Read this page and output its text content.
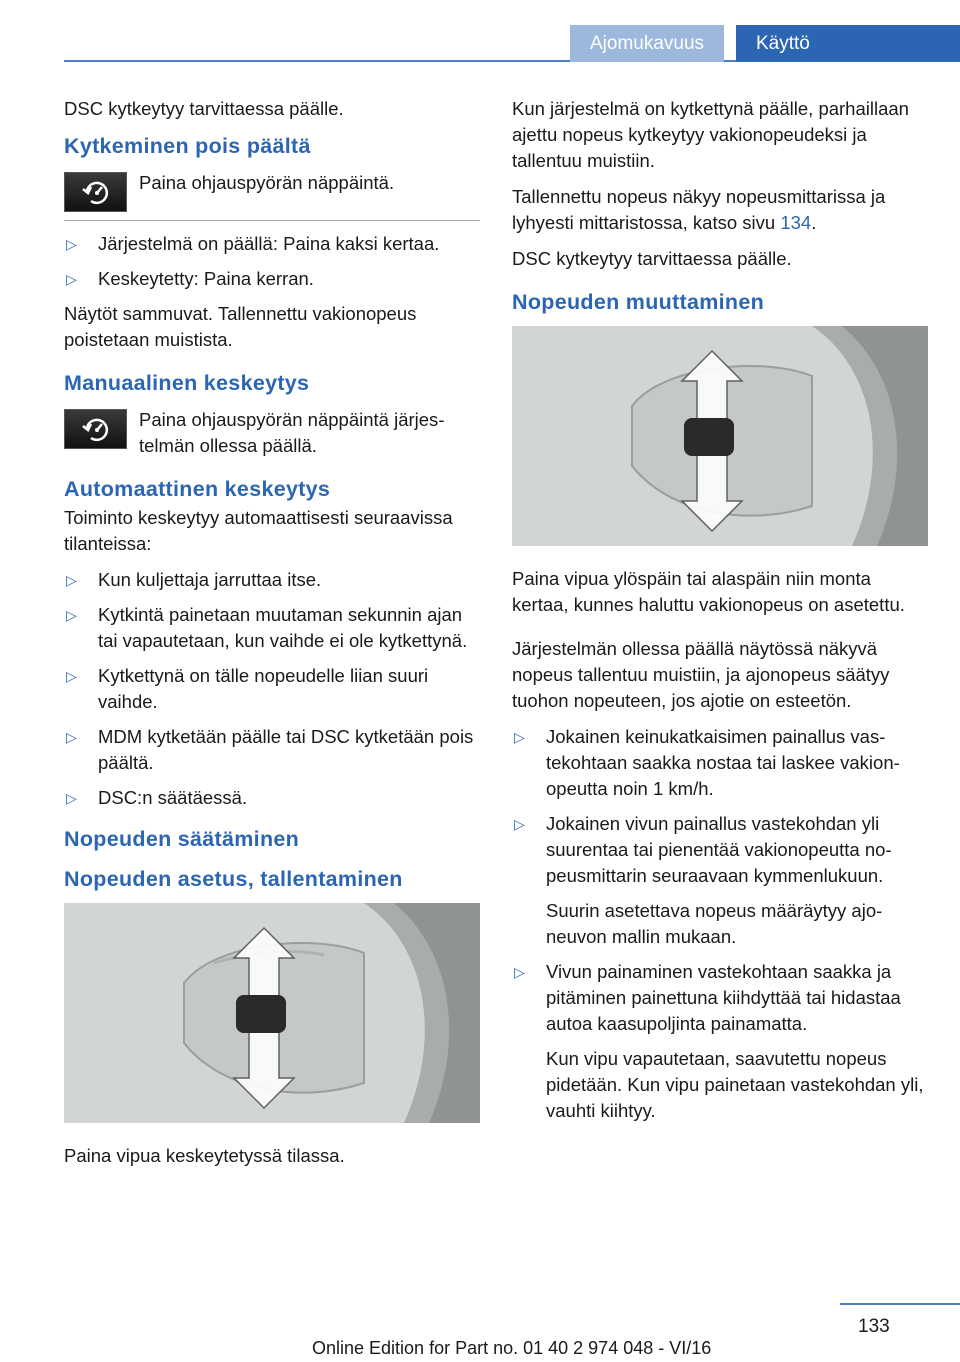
Ajomukavuus	Käyttö

DSC kytkeytyy tarvittaessa päälle.

Kytkeminen pois päältä
Paina ohjauspyörän näppäintä.
▷ Järjestelmä on päällä: Paina kaksi kertaa.
▷ Keskeytetty: Paina kerran.

Näytöt sammuvat. Tallennettu vakionopeus poistetaan muistista.

Manuaalinen keskeytys
Paina ohjauspyörän näppäintä järjestelmän ollessa päällä.
Automaattinen keskeytys

Toiminto keskeytyy automaattisesti seuraavissa tilanteissa:

▷ Kun kuljettaja jarruttaa itse.
▷ Kytkintä painetaan muutaman sekunnin ajan tai vapautetaan, kun vaihde ei ole kytkettynä.
▷ Kytkettynä on tälle nopeudelle liian suuri vaihde.
▷ MDM kytketään päälle tai DSC kytketään pois päältä.
▷ DSC:n säätäessä.
Nopeuden säätäminen
Nopeuden asetus, tallentaminen

Paina vipua keskeytetyssä tilassa.

Kun järjestelmä on kytkettynä päälle, parhaillaan ajettu nopeus kytkeytyy vakionopeudeksi ja tallentuu muistiin.

Tallennettu nopeus näkyy nopeusmittarissa ja lyhyesti mittaristossa, katso sivu 134.

DSC kytkeytyy tarvittaessa päälle.

Nopeuden muuttaminen

Paina vipua ylöspäin tai alaspäin niin monta kertaa, kunnes haluttu vakionopeus on asetettu.

Järjestelmän ollessa päällä näytössä näkyvä nopeus tallentuu muistiin, ja ajonopeus säätyy tuohon nopeuteen, jos ajotie on esteetön.

▷ Jokainen keinukatkaisimen painallus vastekohtaan saakka nostaa tai laskee vakionopeutta noin 1 km/h.
▷ Jokainen vivun painallus vastekohdan yli suurentaa tai pienentää vakionopeutta nopeusmittarin seuraavaan kymmenlukuun.
Suurin asetettava nopeus määräytyy ajoneuvon mallin mukaan.
▷ Vivun painaminen vastekohtaan saakka ja pitäminen painettuna kiihdyttää tai hidastaa autoa kaasupoljinta painamatta.
Kun vipu vapautetaan, saavutettu nopeus pidetään. Kun vipu painetaan vastekohdan yli, vauhti kiihtyy.
133
Online Edition for Part no. 01 40 2 974 048 - VI/16
